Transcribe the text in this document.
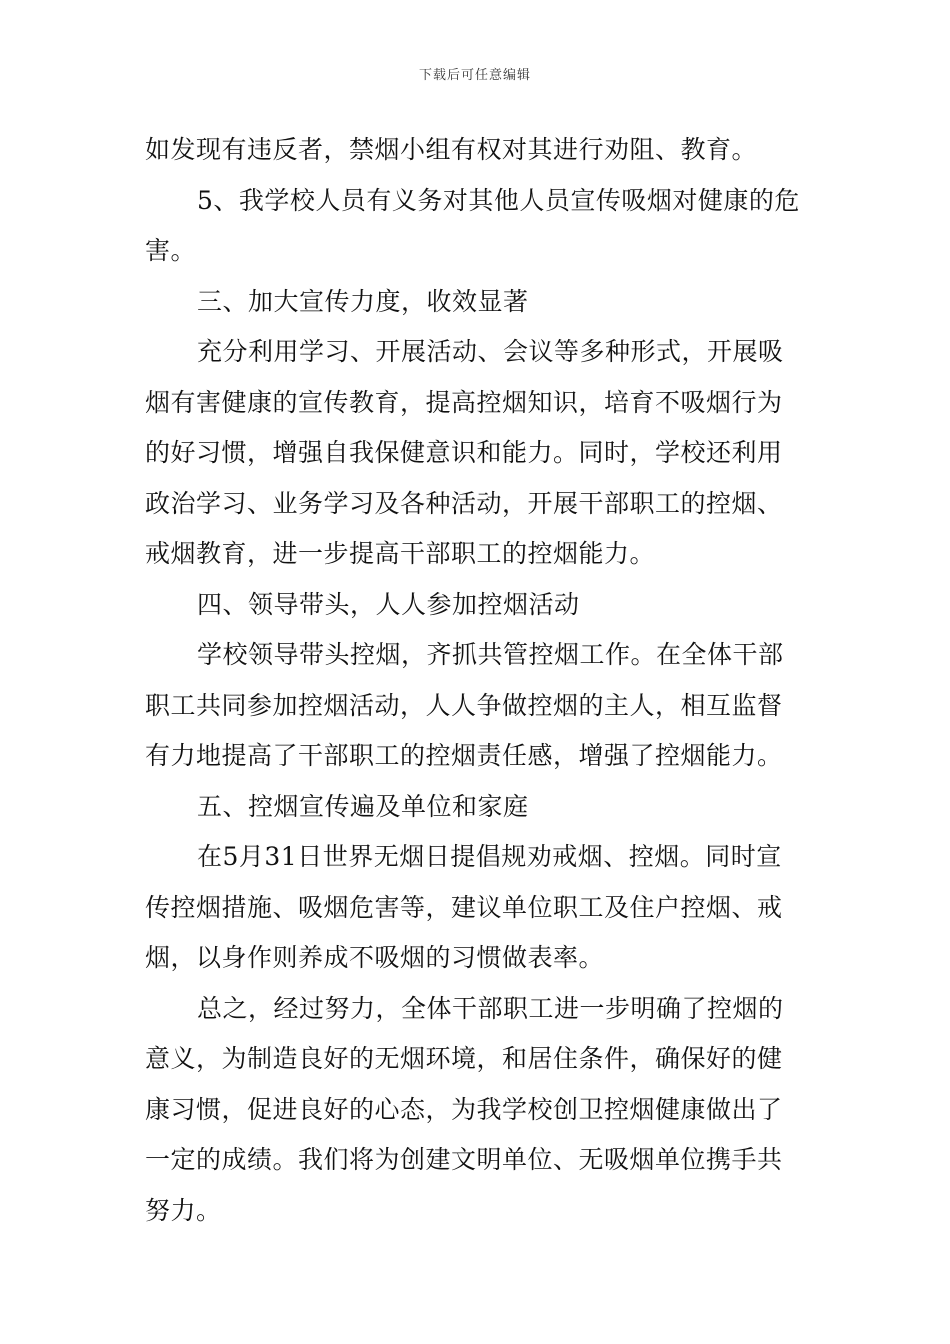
下载后可任意编辑
如发现有违反者，禁烟小组有权对其进行劝阻、教育。
5、我学校人员有义务对其他人员宣传吸烟对健康的危
害。
三、加大宣传力度，收效显著
充分利用学习、开展活动、会议等多种形式，开展吸
烟有害健康的宣传教育，提高控烟知识，培育不吸烟行为
的好习惯，增强自我保健意识和能力。同时，学校还利用
政治学习、业务学习及各种活动，开展干部职工的控烟、
戒烟教育，进一步提高干部职工的控烟能力。
四、领导带头，人人参加控烟活动
学校领导带头控烟，齐抓共管控烟工作。在全体干部
职工共同参加控烟活动，人人争做控烟的主人，相互监督
有力地提高了干部职工的控烟责任感，增强了控烟能力。
五、控烟宣传遍及单位和家庭
在5月31日世界无烟日提倡规劝戒烟、控烟。同时宣
传控烟措施、吸烟危害等，建议单位职工及住户控烟、戒
烟，以身作则养成不吸烟的习惯做表率。
总之，经过努力，全体干部职工进一步明确了控烟的
意义，为制造良好的无烟环境，和居住条件，确保好的健
康习惯，促进良好的心态，为我学校创卫控烟健康做出了
一定的成绩。我们将为创建文明单位、无吸烟单位携手共
努力。
